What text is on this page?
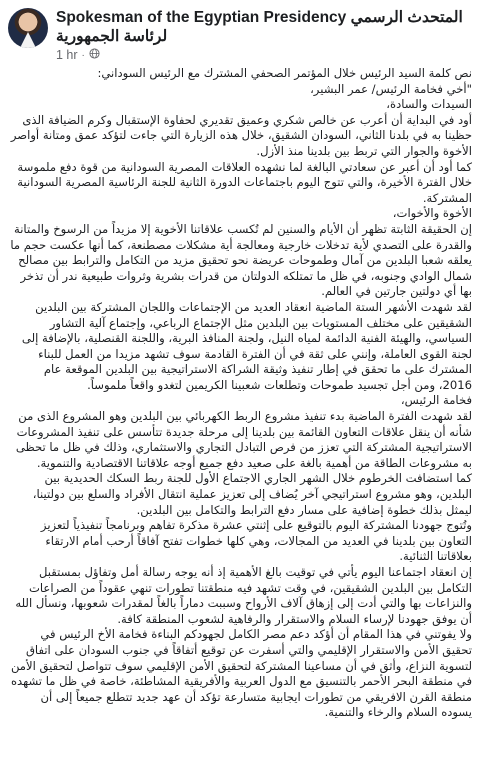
Spokesman of the Egyptian Presidency المتحدث الرسمي لرئاسة الجمهورية
1 hr ·

نص كلمة السيد الرئيس خلال المؤتمر الصحفي المشترك مع الرئيس السوداني:

"أخي فخامة الرئيس/ عمر البشير،

السيدات والسادة،

أود في البداية أن أعرب عن خالص شكري وعميق تقديري لحفاوة الإستقبال وكرم الضيافة الذى حظينا به في بلدنا الثاني، السودان الشقيق، خلال هذه الزيارة التي جاءت لتؤكد عمق ومتانة أواصر الأخوة والجوار التي تربط بين بلدينا منذ الأزل.

كما أود أن أعبر عن سعادتي البالغة لما نشهده العلاقات المصرية السودانية من قوة دفع ملموسة خلال الفترة الأخيرة، والتي تتوج اليوم باجتماعات الدورة الثانية للجنة الرئاسية المصرية السودانية المشتركة.

الأخوة والأخوات،

إن الحقيقة الثابتة تظهر أن الأيام والسنين لم تُكسب علاقاتنا الأخوية إلا مزيداً من الرسوخ والمتانة والقدرة على التصدي لأية تدخلات خارجية ومعالجة أية مشكلات مصطنعة، كما أنها عكست حجم ما يعلقه شعبا البلدين من آمال وطموحات عريضة نحو تحقيق مزيد من التكامل والترابط بين مصالح شمال الوادي وجنوبه، في ظل ما تمتلكه الدولتان من قدرات بشرية وثروات طبيعية ندر أن تذخر بها أي دولتين جارتين في العالم.

لقد شهدت الأشهر الستة الماضية انعقاد العديد من الإجتماعات واللجان المشتركة بين البلدين الشقيقين على مختلف المستويات بين البلدين مثل الإجتماع الرباعي، وإجتماع آلية التشاور السياسي، والهيئة الفنية الدائمة لمياه النيل، ولجنة المنافذ البرية، واللجنة القنصلية، بالإضافة إلى لجنة القوى العاملة، وإنني على ثقة في أن الفترة القادمة سوف تشهد مزيدا من العمل للبناء المشترك على ما تحقق في إطار تنفيذ وثيقة الشراكة الاستراتيجية بين البلدين الموقعة عام 2016، ومن أجل تجسيد طموحات وتطلعات شعبينا الكريمين لتغدو واقعاً ملموساً.

فخامة الرئيس،

لقد شهدت الفترة الماضية بدء تنفيذ مشروع الربط الكهربائي بين البلدين وهو المشروع الذى من شأنه أن ينقل علاقات التعاون القائمة بين بلدينا إلى مرحلة جديدة تتأسس على تنفيذ المشروعات الاستراتيجية المشتركة التي تعزز من فرص التبادل التجاري والاستثماري، وذلك في ظل ما تحظى به مشروعات الطاقة من أهمية بالغة على صعيد دفع جميع أوجه علاقاتنا الاقتصادية والتنموية.

كما استضافت الخرطوم خلال الشهر الجاري الاجتماع الأول للجنة ربط السكك الحديدية بين البلدين، وهو مشروع استراتيجي آخر يُضاف إلى تعزيز عملية انتقال الأفراد والسلع بين دولتينا، ليمثل بذلك خطوة إضافية على مسار دفع الترابط والتكامل بين البلدين.

وتُتوج جهودنا المشتركة اليوم بالتوقيع على إثنتي عشرة مذكرة تفاهم وبرنامجاً تنفيذياً لتعزيز التعاون بين بلدينا في العديد من المجالات، وهي كلها خطوات تفتح آفاقاً أرحب أمام الارتقاء بعلاقاتنا الثنائية.

إن انعقاد اجتماعنا اليوم يأتي في توقيت بالغ الأهمية إذ أنه يوجه رسالة أمل وتفاؤل بمستقبل التكامل بين البلدين الشقيقين، في وقت تشهد فيه منطقتنا تطورات تنهي عقوداً من الصراعات والنزاعات بها والتي أدت إلى إزهاق آلاف الأرواح وسببت دماراً بالغاً لمقدرات شعوبها، ونسأل الله أن يوفق جهودنا لإرساء السلام والاستقرار والرفاهية لشعوب المنطقة كافة.

ولا يفوتني في هذا المقام أن أؤكد دعم مصر الكامل لجهودكم البناءة فخامة الأخ الرئيس في تحقيق الأمن والاستقرار الإقليمي والتي أسفرت عن توقيع أتفاقاً في جنوب السودان على اتفاق لتسوية النزاع، وأثق في أن مساعينا المشتركة لتحقيق الأمن الإقليمي سوف تتواصل لتحقيق الأمن في منطقة البحر الأحمر بالتنسيق مع الدول العربية والأفريقية المشاطئة، خاصة في ظل ما تشهده منطقة القرن الافريقي من تطورات ايجابية متسارعة تؤكد أن عهد جديد تتطلع جميعاً إلى أن يسوده السلام والرخاء والتنمية.
